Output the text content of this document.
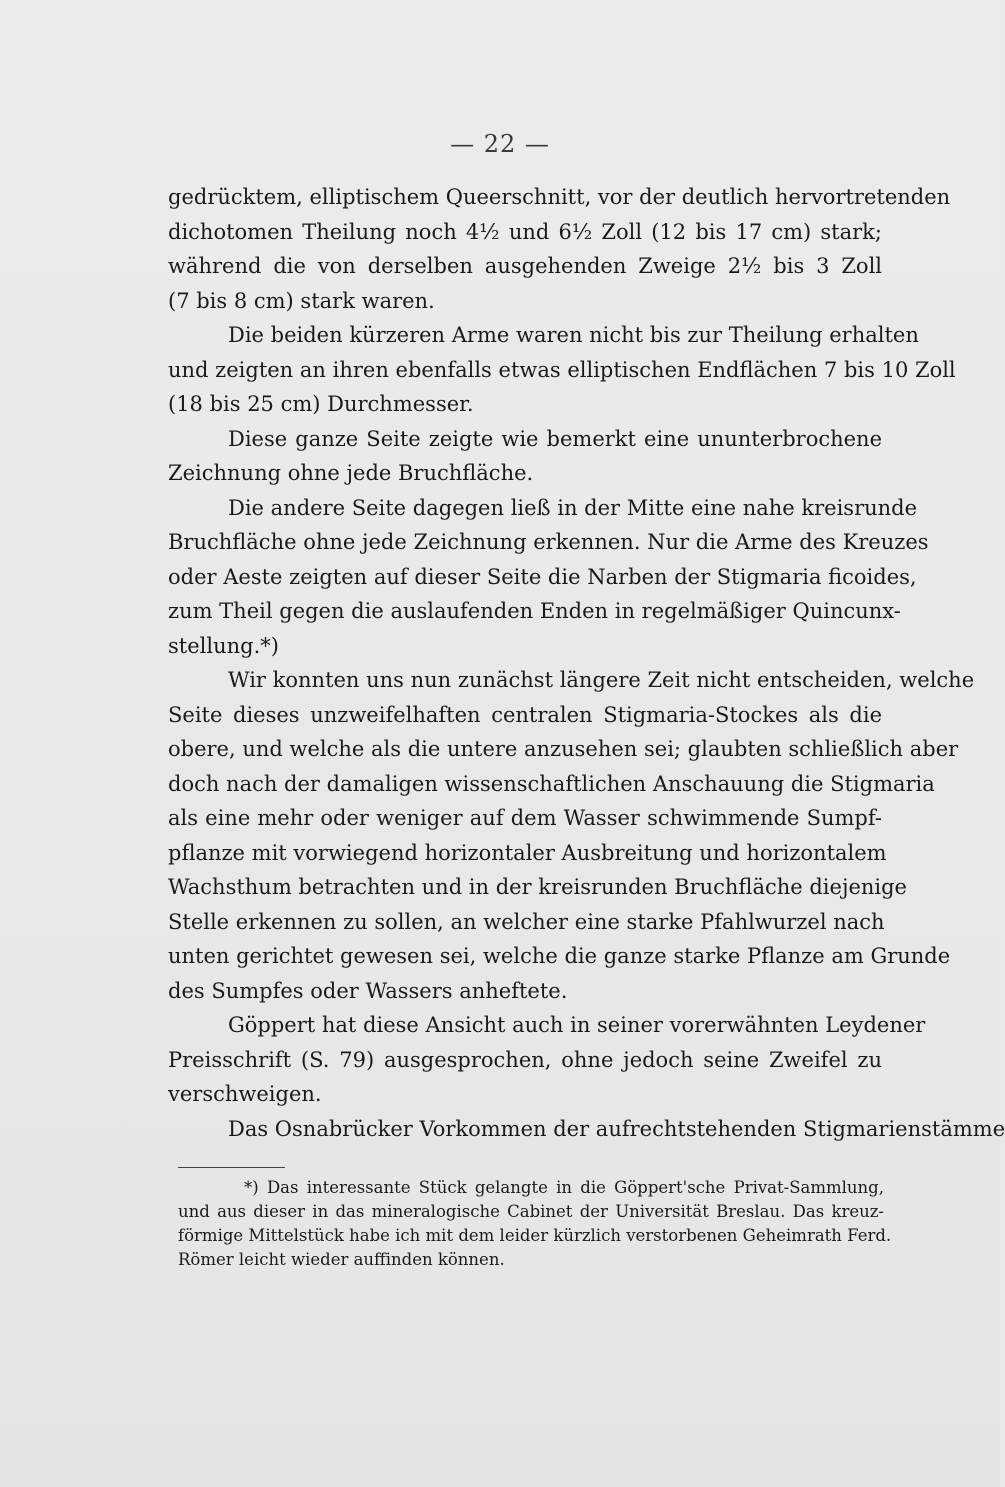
— 22 —
gedrücktem, elliptischem Queerschnitt, vor der deutlich hervortretenden
dichotomen Theilung noch 4½ und 6½ Zoll (12 bis 17 cm) stark;
während die von derselben ausgehenden Zweige 2½ bis 3 Zoll
(7 bis 8 cm) stark waren.
Die beiden kürzeren Arme waren nicht bis zur Theilung erhalten
und zeigten an ihren ebenfalls etwas elliptischen Endflächen 7 bis 10 Zoll
(18 bis 25 cm) Durchmesser.
Diese ganze Seite zeigte wie bemerkt eine ununterbrochene
Zeichnung ohne jede Bruchfläche.
Die andere Seite dagegen ließ in der Mitte eine nahe kreisrunde
Bruchfläche ohne jede Zeichnung erkennen. Nur die Arme des Kreuzes
oder Aeste zeigten auf dieser Seite die Narben der Stigmaria ficoides,
zum Theil gegen die auslaufenden Enden in regelmäßiger Quincunx-
stellung.*)
Wir konnten uns nun zunächst längere Zeit nicht entscheiden, welche
Seite dieses unzweifelhaften centralen Stigmaria-Stockes als die
obere, und welche als die untere anzusehen sei; glaubten schließlich aber
doch nach der damaligen wissenschaftlichen Anschauung die Stigmaria
als eine mehr oder weniger auf dem Wasser schwimmende Sumpf-
pflanze mit vorwiegend horizontaler Ausbreitung und horizontalem
Wachsthum betrachten und in der kreisrunden Bruchfläche diejenige
Stelle erkennen zu sollen, an welcher eine starke Pfahlwurzel nach
unten gerichtet gewesen sei, welche die ganze starke Pflanze am Grunde
des Sumpfes oder Wassers anheftete.
Göppert hat diese Ansicht auch in seiner vorerwähnten Leydener
Preisschrift (S. 79) ausgesprochen, ohne jedoch seine Zweifel zu
verschweigen.
Das Osnabrücker Vorkommen der aufrechtstehenden Stigmarienstämme
*) Das interessante Stück gelangte in die Göppert'sche Privat-Sammlung,
und aus dieser in das mineralogische Cabinet der Universität Breslau. Das kreuz-
förmige Mittelstück habe ich mit dem leider kürzlich verstorbenen Geheimrath Ferd.
Römer leicht wieder auffinden können.
